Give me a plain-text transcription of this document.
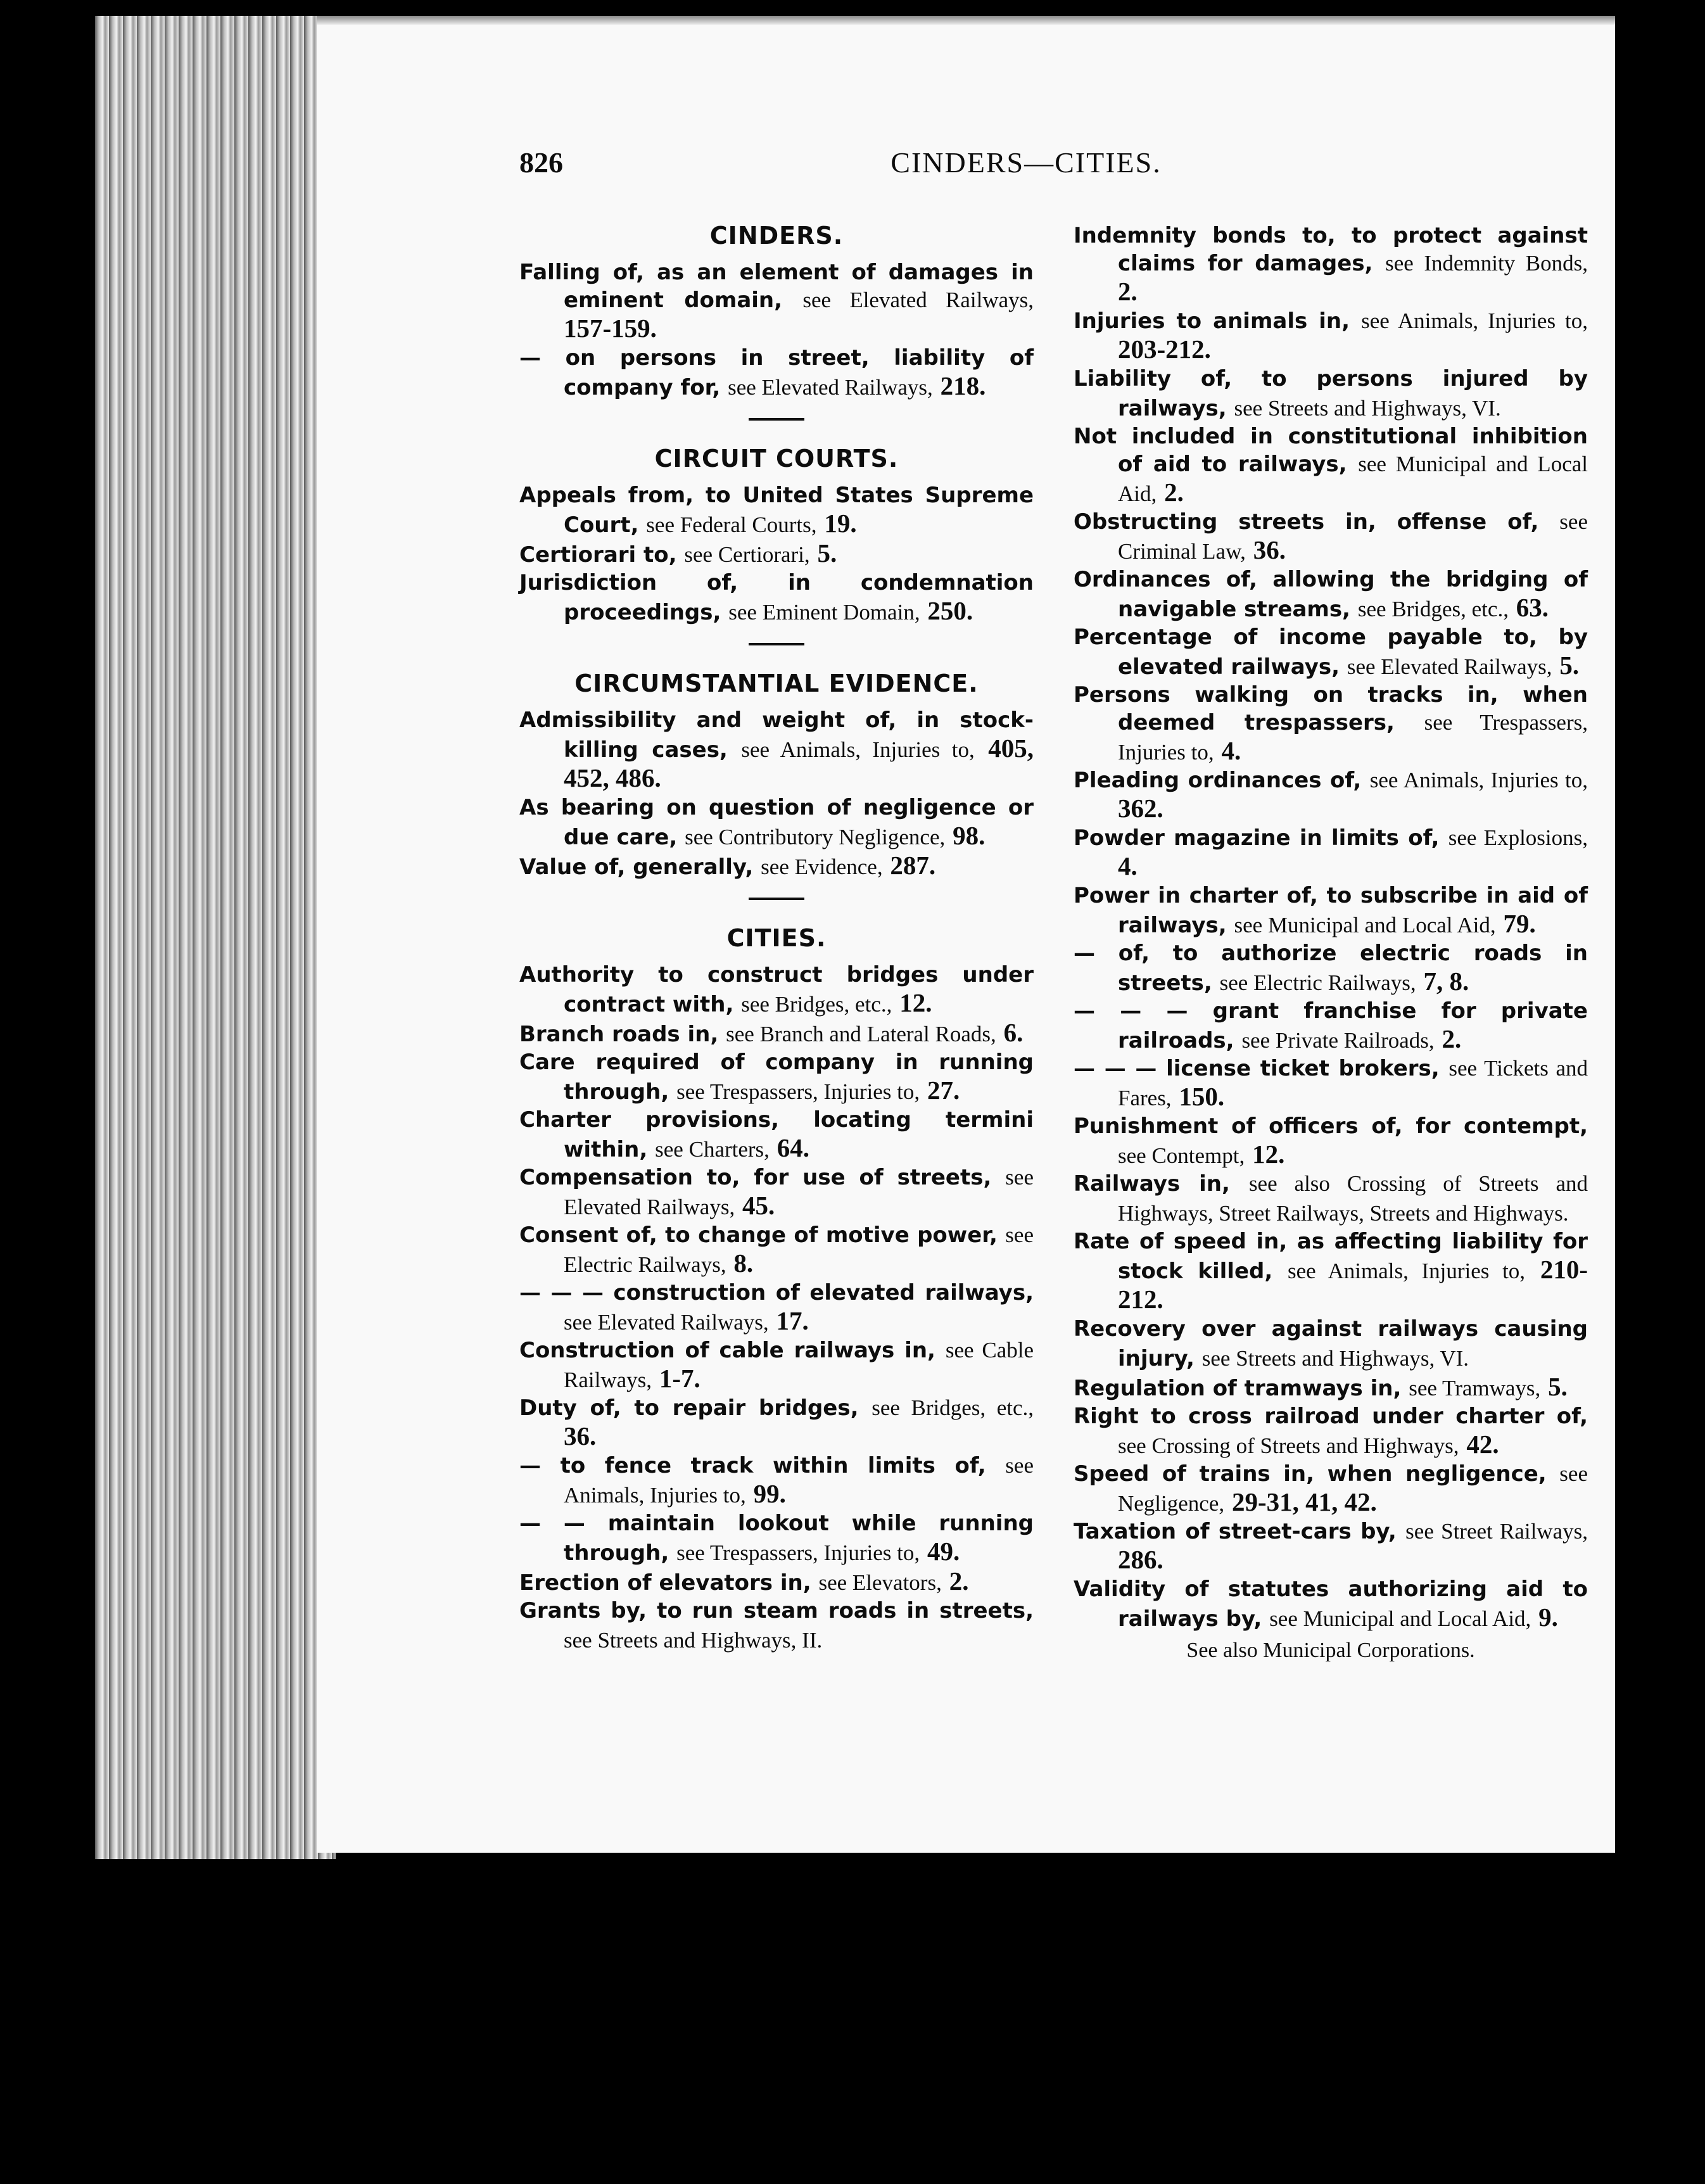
826	CINDERS—CITIES.
CINDERS.
Falling of, as an element of damages in eminent domain, see Elevated Railways, 157-159.
— on persons in street, liability of company for, see Elevated Railways, 218.
CIRCUIT COURTS.
Appeals from, to United States Supreme Court, see Federal Courts, 19.
Certiorari to, see Certiorari, 5.
Jurisdiction of, in condemnation proceedings, see Eminent Domain, 250.
CIRCUMSTANTIAL EVIDENCE.
Admissibility and weight of, in stock-killing cases, see Animals, Injuries to, 405, 452, 486.
As bearing on question of negligence or due care, see Contributory Negligence, 98.
Value of, generally, see Evidence, 287.
CITIES.
Authority to construct bridges under contract with, see Bridges, etc., 12.
Branch roads in, see Branch and Lateral Roads, 6.
Care required of company in running through, see Trespassers, Injuries to, 27.
Charter provisions, locating termini within, see Charters, 64.
Compensation to, for use of streets, see Elevated Railways, 45.
Consent of, to change of motive power, see Electric Railways, 8.
— — — construction of elevated railways, see Elevated Railways, 17.
Construction of cable railways in, see Cable Railways, 1-7.
Duty of, to repair bridges, see Bridges, etc., 36.
— to fence track within limits of, see Animals, Injuries to, 99.
— — maintain lookout while running through, see Trespassers, Injuries to, 49.
Erection of elevators in, see Elevators, 2.
Grants by, to run steam roads in streets, see Streets and Highways, II.
Indemnity bonds to, to protect against claims for damages, see Indemnity Bonds, 2.
Injuries to animals in, see Animals, Injuries to, 203-212.
Liability of, to persons injured by railways, see Streets and Highways, VI.
Not included in constitutional inhibition of aid to railways, see Municipal and Local Aid, 2.
Obstructing streets in, offense of, see Criminal Law, 36.
Ordinances of, allowing the bridging of navigable streams, see Bridges, etc., 63.
Percentage of income payable to, by elevated railways, see Elevated Railways, 5.
Persons walking on tracks in, when deemed trespassers, see Trespassers, Injuries to, 4.
Pleading ordinances of, see Animals, Injuries to, 362.
Powder magazine in limits of, see Explosions, 4.
Power in charter of, to subscribe in aid of railways, see Municipal and Local Aid, 79.
— of, to authorize electric roads in streets, see Electric Railways, 7, 8.
— — — grant franchise for private railroads, see Private Railroads, 2.
— — — license ticket brokers, see Tickets and Fares, 150.
Punishment of officers of, for contempt, see Contempt, 12.
Railways in, see also Crossing of Streets and Highways, Street Railways, Streets and Highways.
Rate of speed in, as affecting liability for stock killed, see Animals, Injuries to, 210-212.
Recovery over against railways causing injury, see Streets and Highways, VI.
Regulation of tramways in, see Tramways, 5.
Right to cross railroad under charter of, see Crossing of Streets and Highways, 42.
Speed of trains in, when negligence, see Negligence, 29-31, 41, 42.
Taxation of street-cars by, see Street Railways, 286.
Validity of statutes authorizing aid to railways by, see Municipal and Local Aid, 9.
See also Municipal Corporations.
